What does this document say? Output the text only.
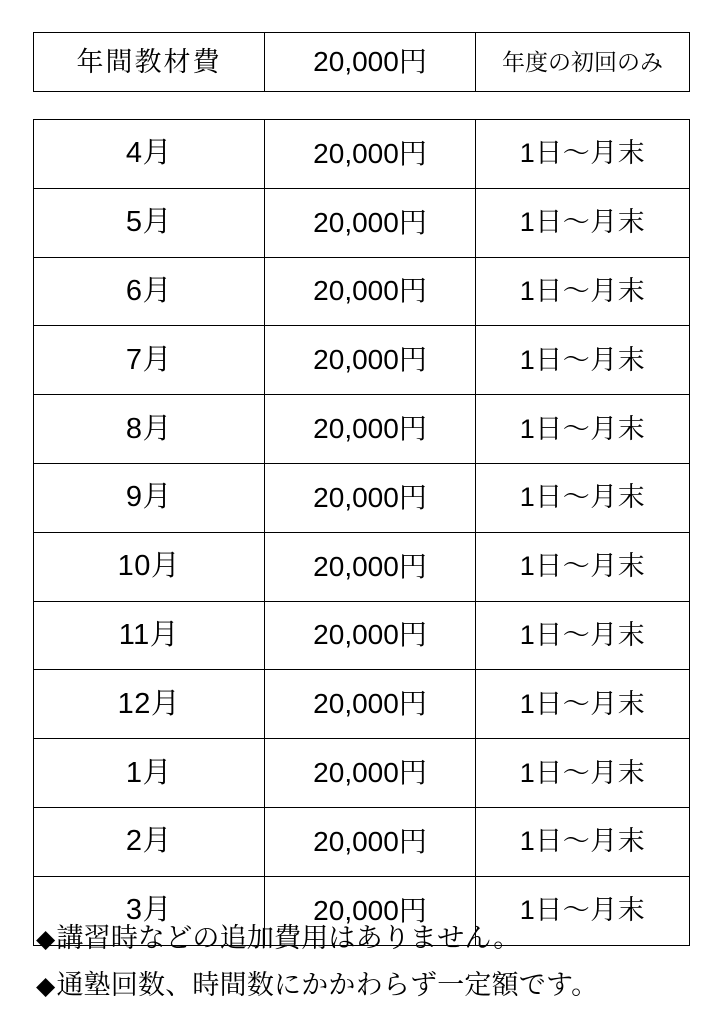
年間教材費	20,000円	年度の初回のみ
4月	20,000円	1日〜月末
5月	20,000円	1日〜月末
6月	20,000円	1日〜月末
7月	20,000円	1日〜月末
8月	20,000円	1日〜月末
9月	20,000円	1日〜月末
10月	20,000円	1日〜月末
11月	20,000円	1日〜月末
12月	20,000円	1日〜月末
1月	20,000円	1日〜月末
2月	20,000円	1日〜月末
3月	20,000円	1日〜月末
◆ 講習時などの追加費用はありません。
◆ 通塾回数、時間数にかかわらず一定額です。
